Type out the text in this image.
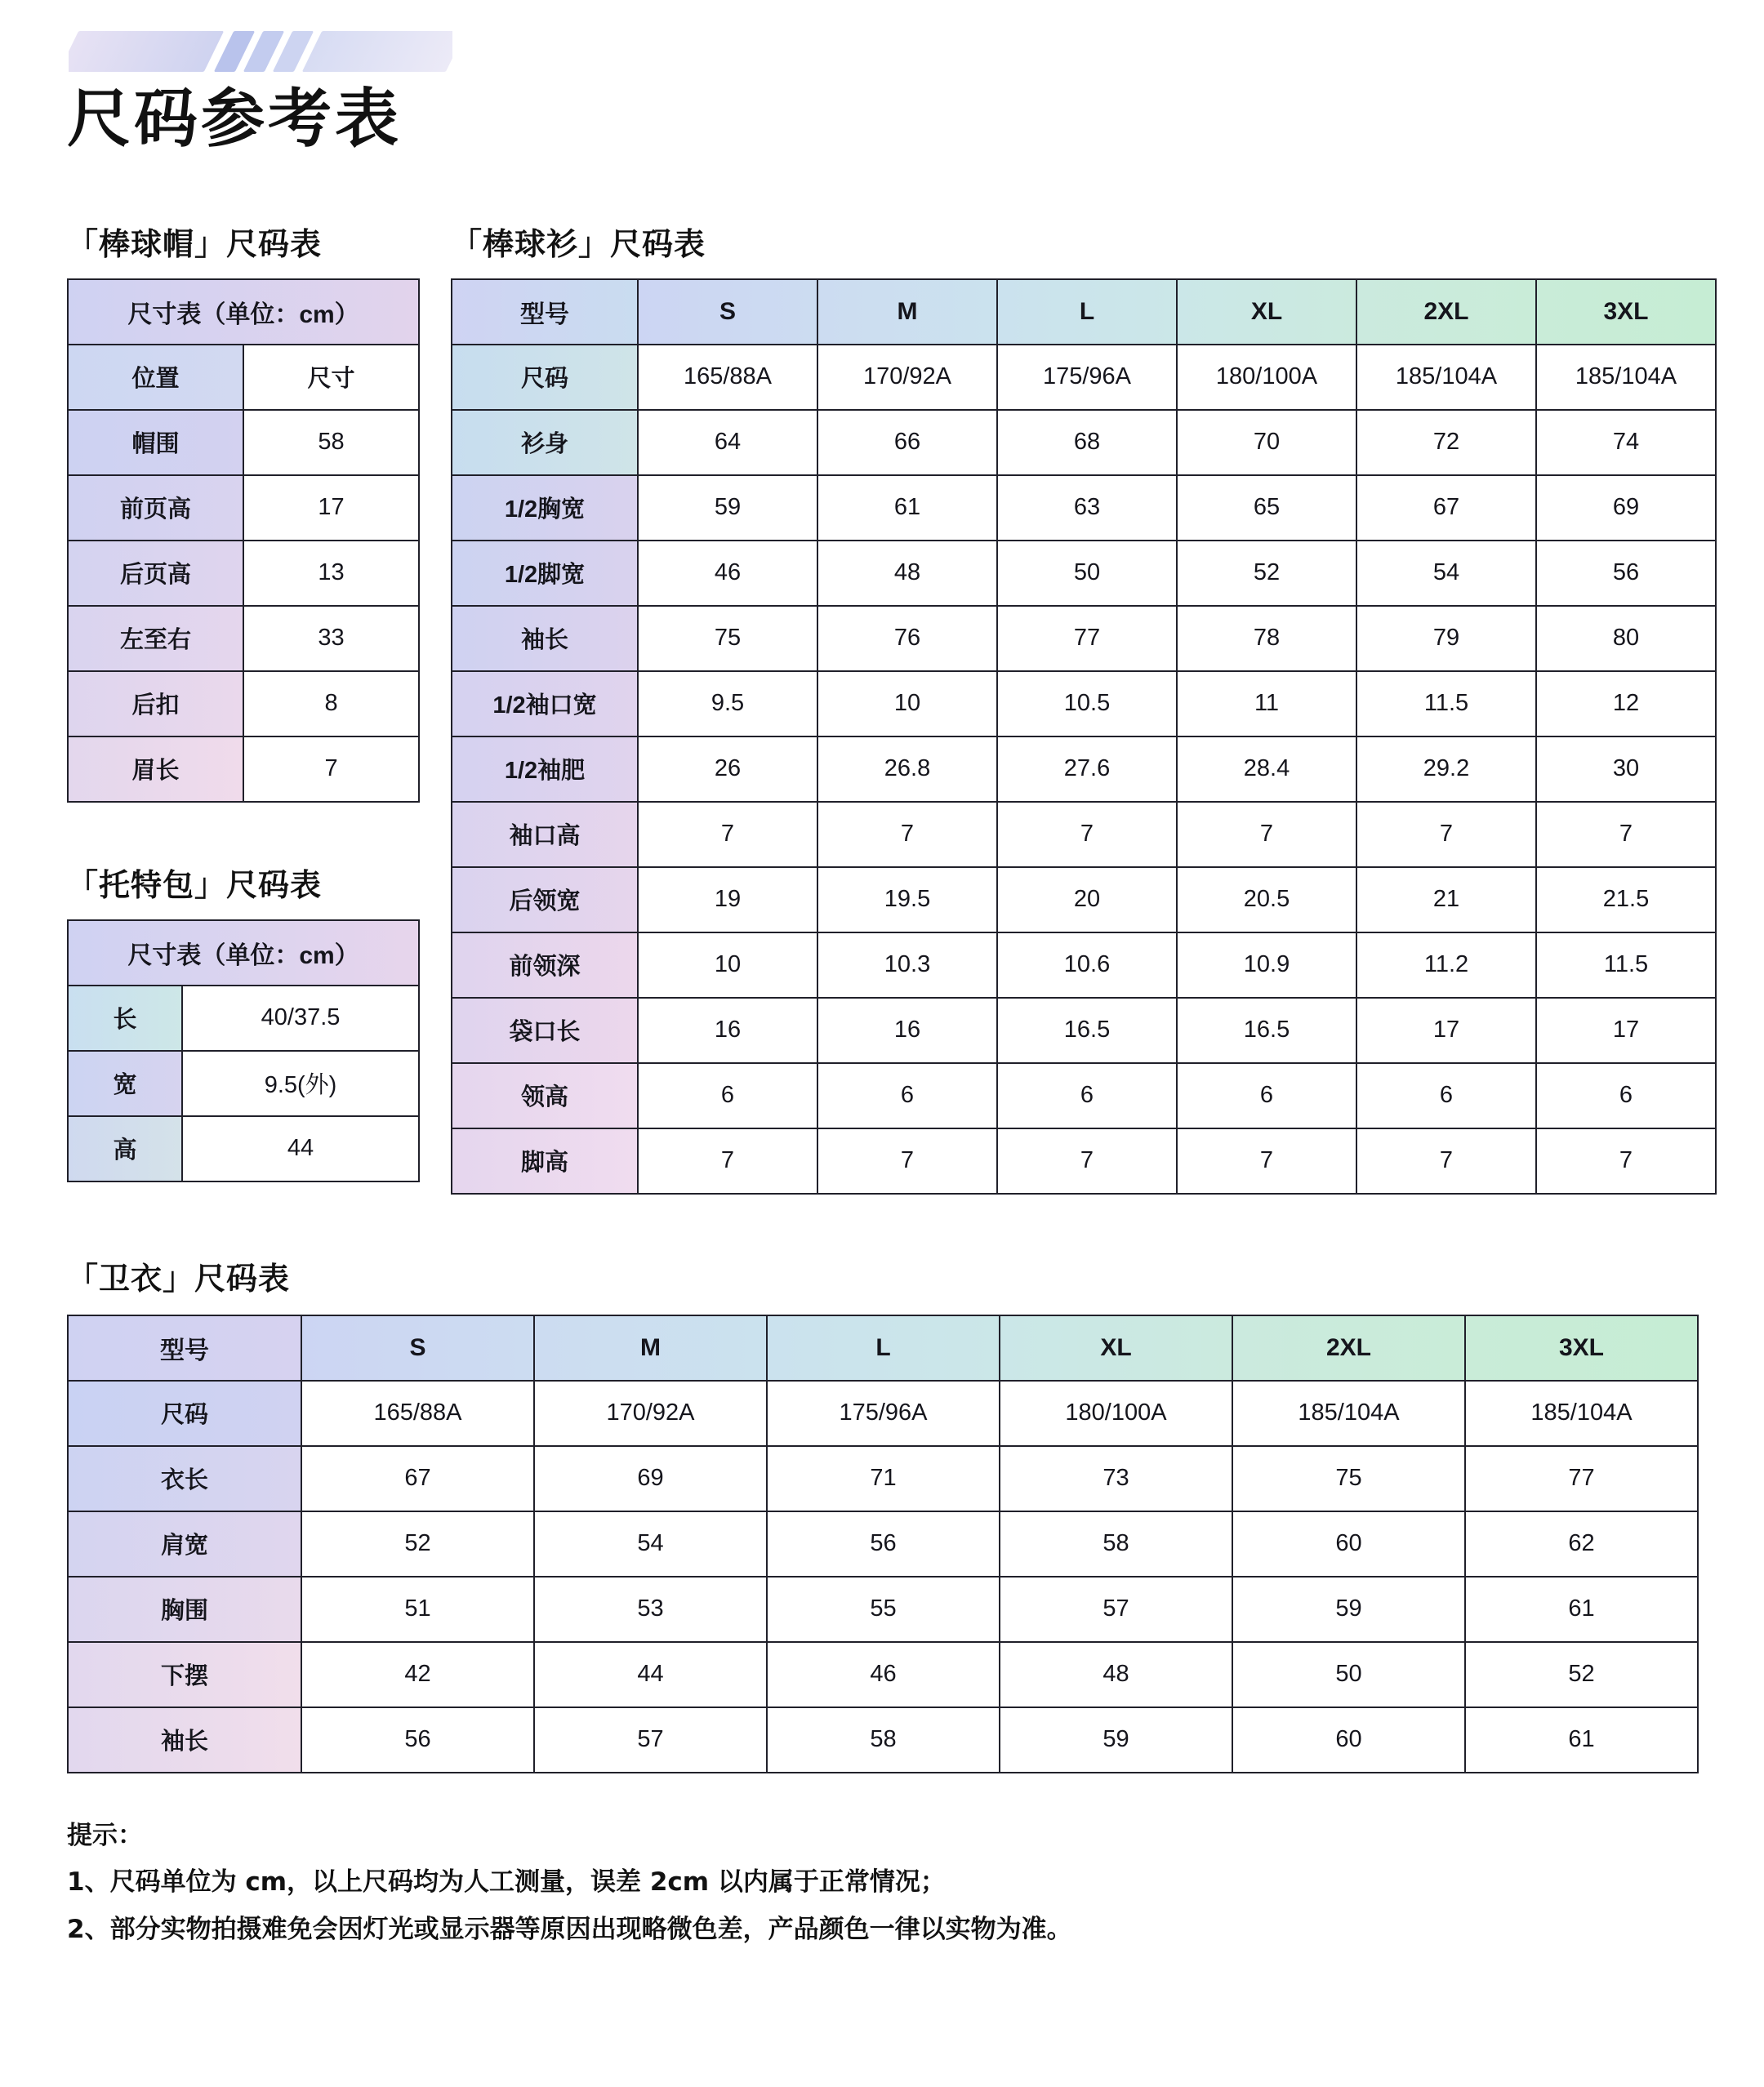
尺码参考表
「棒球帽」尺码表	「棒球衫」尺码表
尺寸表（单位：cm）	
位置	尺寸
帽围	58
前页高	17
后页高	13
左至右	33
后扣	8
眉长	7
「托特包」尺码表
尺寸表（单位：cm）	
长	40/37.5
宽	9.5(外)
高	44
型号	S	M	L	XL	2XL	3XL
尺码	165/88A	170/92A	175/96A	180/100A	185/104A	185/104A
衫身	64	66	68	70	72	74
1/2胸宽	59	61	63	65	67	69
1/2脚宽	46	48	50	52	54	56
袖长	75	76	77	78	79	80
1/2袖口宽	9.5	10	10.5	11	11.5	12
1/2袖肥	26	26.8	27.6	28.4	29.2	30
袖口高	7	7	7	7	7	7
后领宽	19	19.5	20	20.5	21	21.5
前领深	10	10.3	10.6	10.9	11.2	11.5
袋口长	16	16	16.5	16.5	17	17
领高	6	6	6	6	6	6
脚高	7	7	7	7	7	7
「卫衣」尺码表
型号	S	M	L	XL	2XL	3XL
尺码	165/88A	170/92A	175/96A	180/100A	185/104A	185/104A
衣长	67	69	71	73	75	77
肩宽	52	54	56	58	60	62
胸围	51	53	55	57	59	61
下摆	42	44	46	48	50	52
袖长	56	57	58	59	60	61
提示：
1、尺码单位为 cm，以上尺码均为人工测量，误差 2cm 以内属于正常情况；
2、部分实物拍摄难免会因灯光或显示器等原因出现略微色差，产品颜色一律以实物为准。
